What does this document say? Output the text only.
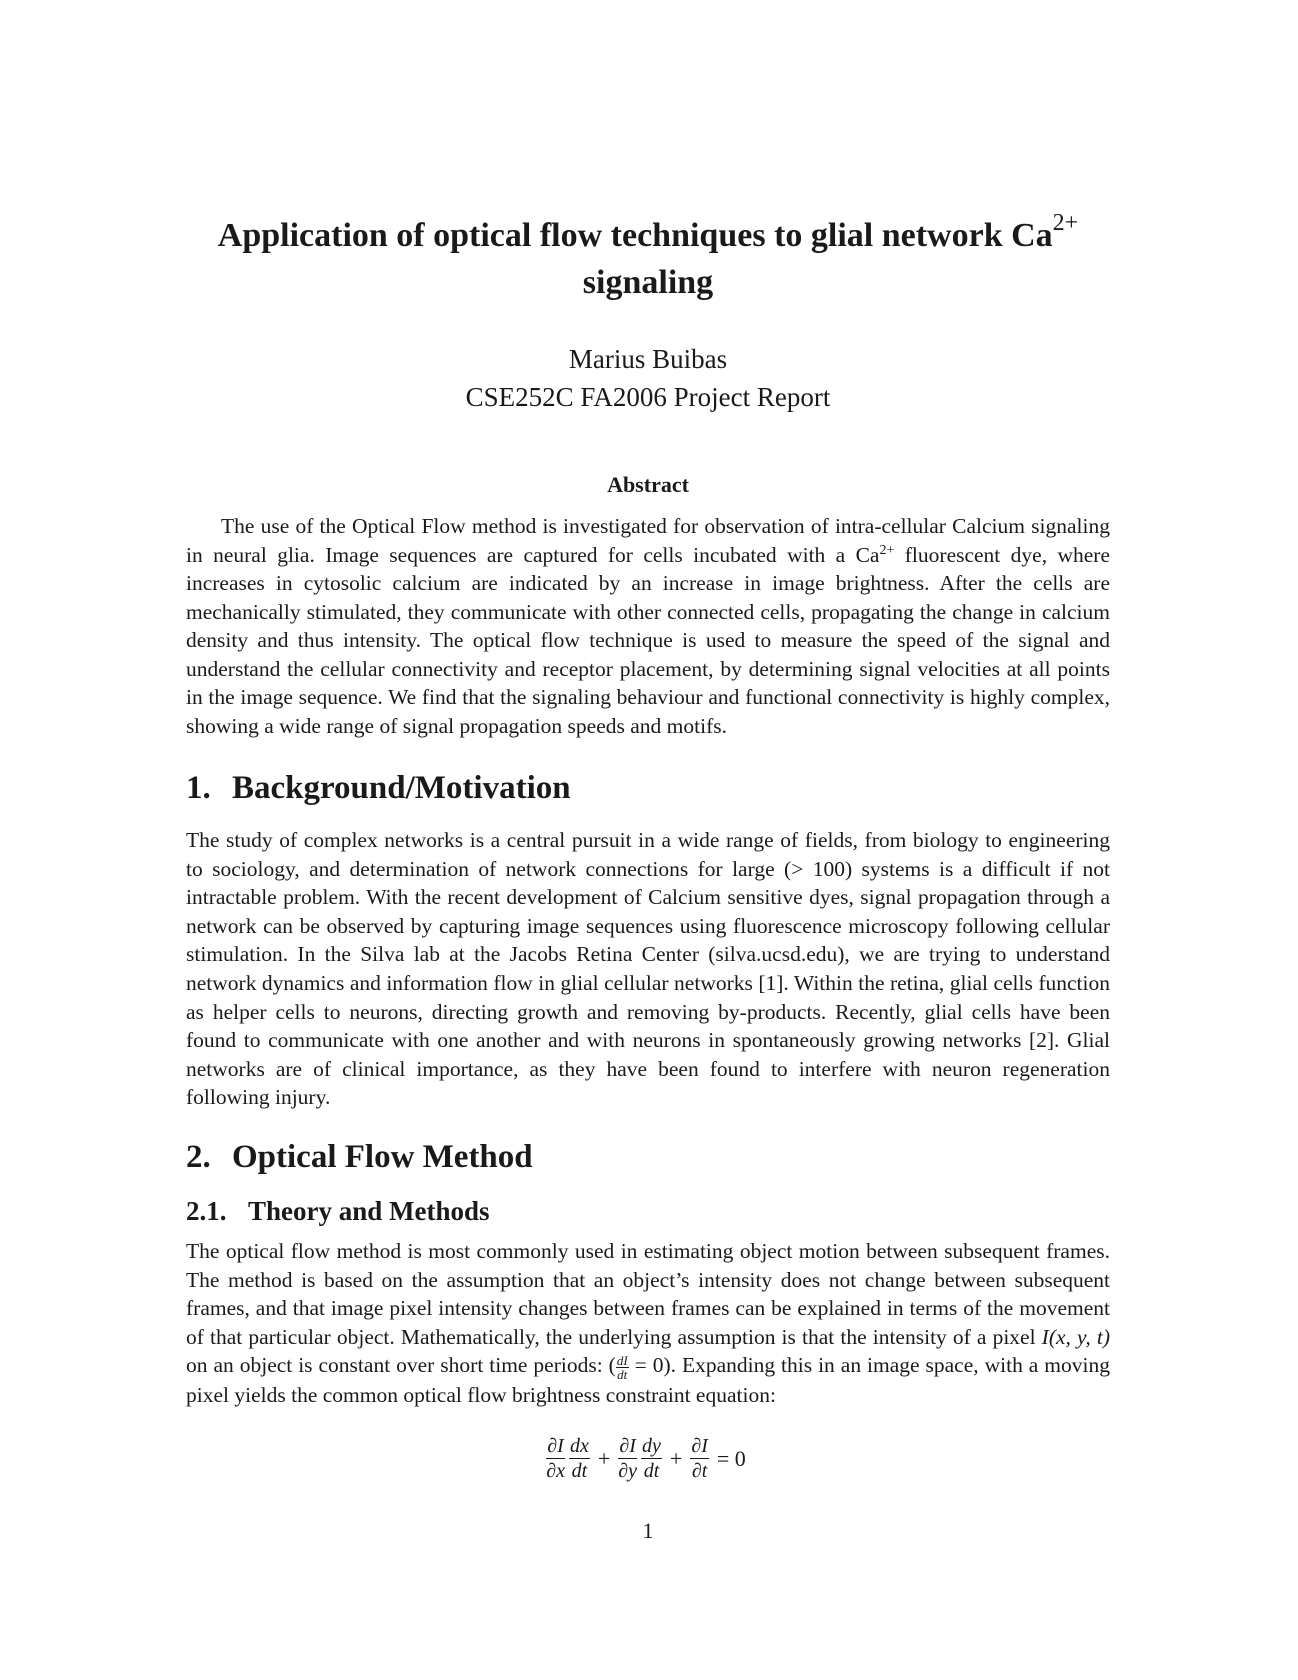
Application of optical flow techniques to glial network $Ca^{2+}$
signaling
Marius Buibas
CSE252C FA2006 Project Report
Abstract
The use of the Optical Flow method is investigated for observation of intra-cellular Calcium signaling in neural glia. Image sequences are captured for cells incubated with a $Ca^{2+}$ fluorescent dye, where increases in cytosolic calcium are indicated by an increase in image brightness. After the cells are mechanically stimulated, they communicate with other connected cells, propagating the change in calcium density and thus intensity. The optical flow technique is used to measure the speed of the signal and understand the cellular connectivity and receptor placement, by determining signal velocities at all points in the image sequence. We find that the signaling behaviour and functional connectivity is highly complex, showing a wide range of signal propagation speeds and motifs.
1. Background/Motivation
The study of complex networks is a central pursuit in a wide range of fields, from biology to engineering to sociology, and determination of network connections for large (> 100) systems is a difficult if not intractable problem. With the recent development of Calcium sensitive dyes, signal propagation through a network can be observed by capturing image sequences using fluorescence microscopy following cellular stimulation. In the Silva lab at the Jacobs Retina Center (silva.ucsd.edu), we are trying to understand network dynamics and information flow in glial cellular networks [1]. Within the retina, glial cells function as helper cells to neurons, directing growth and removing by-products. Recently, glial cells have been found to communicate with one another and with neurons in spontaneously growing networks [2]. Glial networks are of clinical importance, as they have been found to interfere with neuron regeneration following injury.
2. Optical Flow Method
2.1. Theory and Methods
The optical flow method is most commonly used in estimating object motion between subsequent frames. The method is based on the assumption that an object’s intensity does not change between subsequent frames, and that image pixel intensity changes between frames can be explained in terms of the movement of that particular object. Mathematically, the underlying assumption is that the intensity of a pixel I(x, y, t) on an object is constant over short time periods: ( $\frac{dI}{dt} = 0$). Expanding this in an image space, with a moving pixel yields the common optical flow brightness constraint equation:
$\frac{\partial I}{\partial x} \frac{dx}{dt} + \frac{\partial I}{\partial y} \frac{dy}{dt} + \frac{\partial I}{\partial t} = 0$
1
